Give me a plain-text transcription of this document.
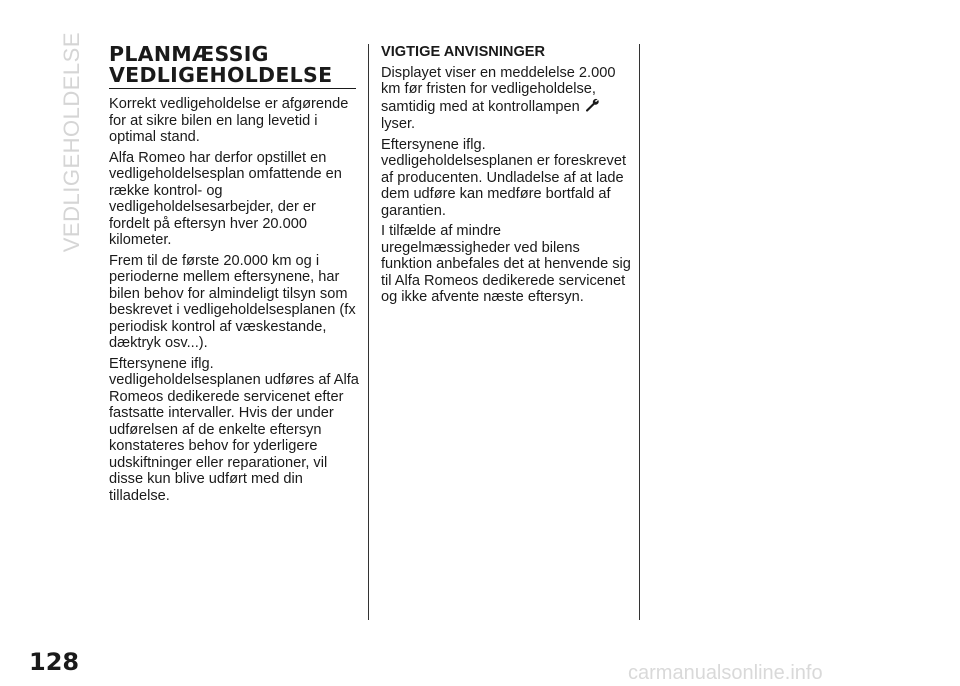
VEDLIGEHOLDELSE PLANMÆSSIG
VEDLIGEHOLDELSE

Korrekt vedligeholdelse er afgørende for at sikre bilen en lang levetid i optimal stand.

Alfa Romeo har derfor opstillet en vedligeholdelsesplan omfattende en række kontrol- og vedligeholdelsesarbejder, der er fordelt på eftersyn hver 20.000 kilometer.

Frem til de første 20.000 km og i perioderne mellem eftersynene, har bilen behov for almindeligt tilsyn som beskrevet i vedligeholdelsesplanen (fx periodisk kontrol af væskestande, dæktryk osv...).

Eftersynene iflg. vedligeholdelsesplanen udføres af Alfa Romeos dedikerede servicenet efter fastsatte intervaller. Hvis der under udførelsen af de enkelte eftersyn konstateres behov for yderligere udskiftninger eller reparationer, vil disse kun blive udført med din tilladelse.

VIGTIGE ANVISNINGER

Displayet viser en meddelelse 2.000 km før fristen for vedligeholdelse, samtidig med at kontrollampen  lyser.

Eftersynene iflg. vedligeholdelsesplanen er foreskrevet af producenten. Undladelse af at lade dem udføre kan medføre bortfald af garantien.

I tilfælde af mindre uregelmæssigheder ved bilens funktion anbefales det at henvende sig til Alfa Romeos dedikerede servicenet og ikke afvente næste eftersyn.

128	carmanualsonline.info
